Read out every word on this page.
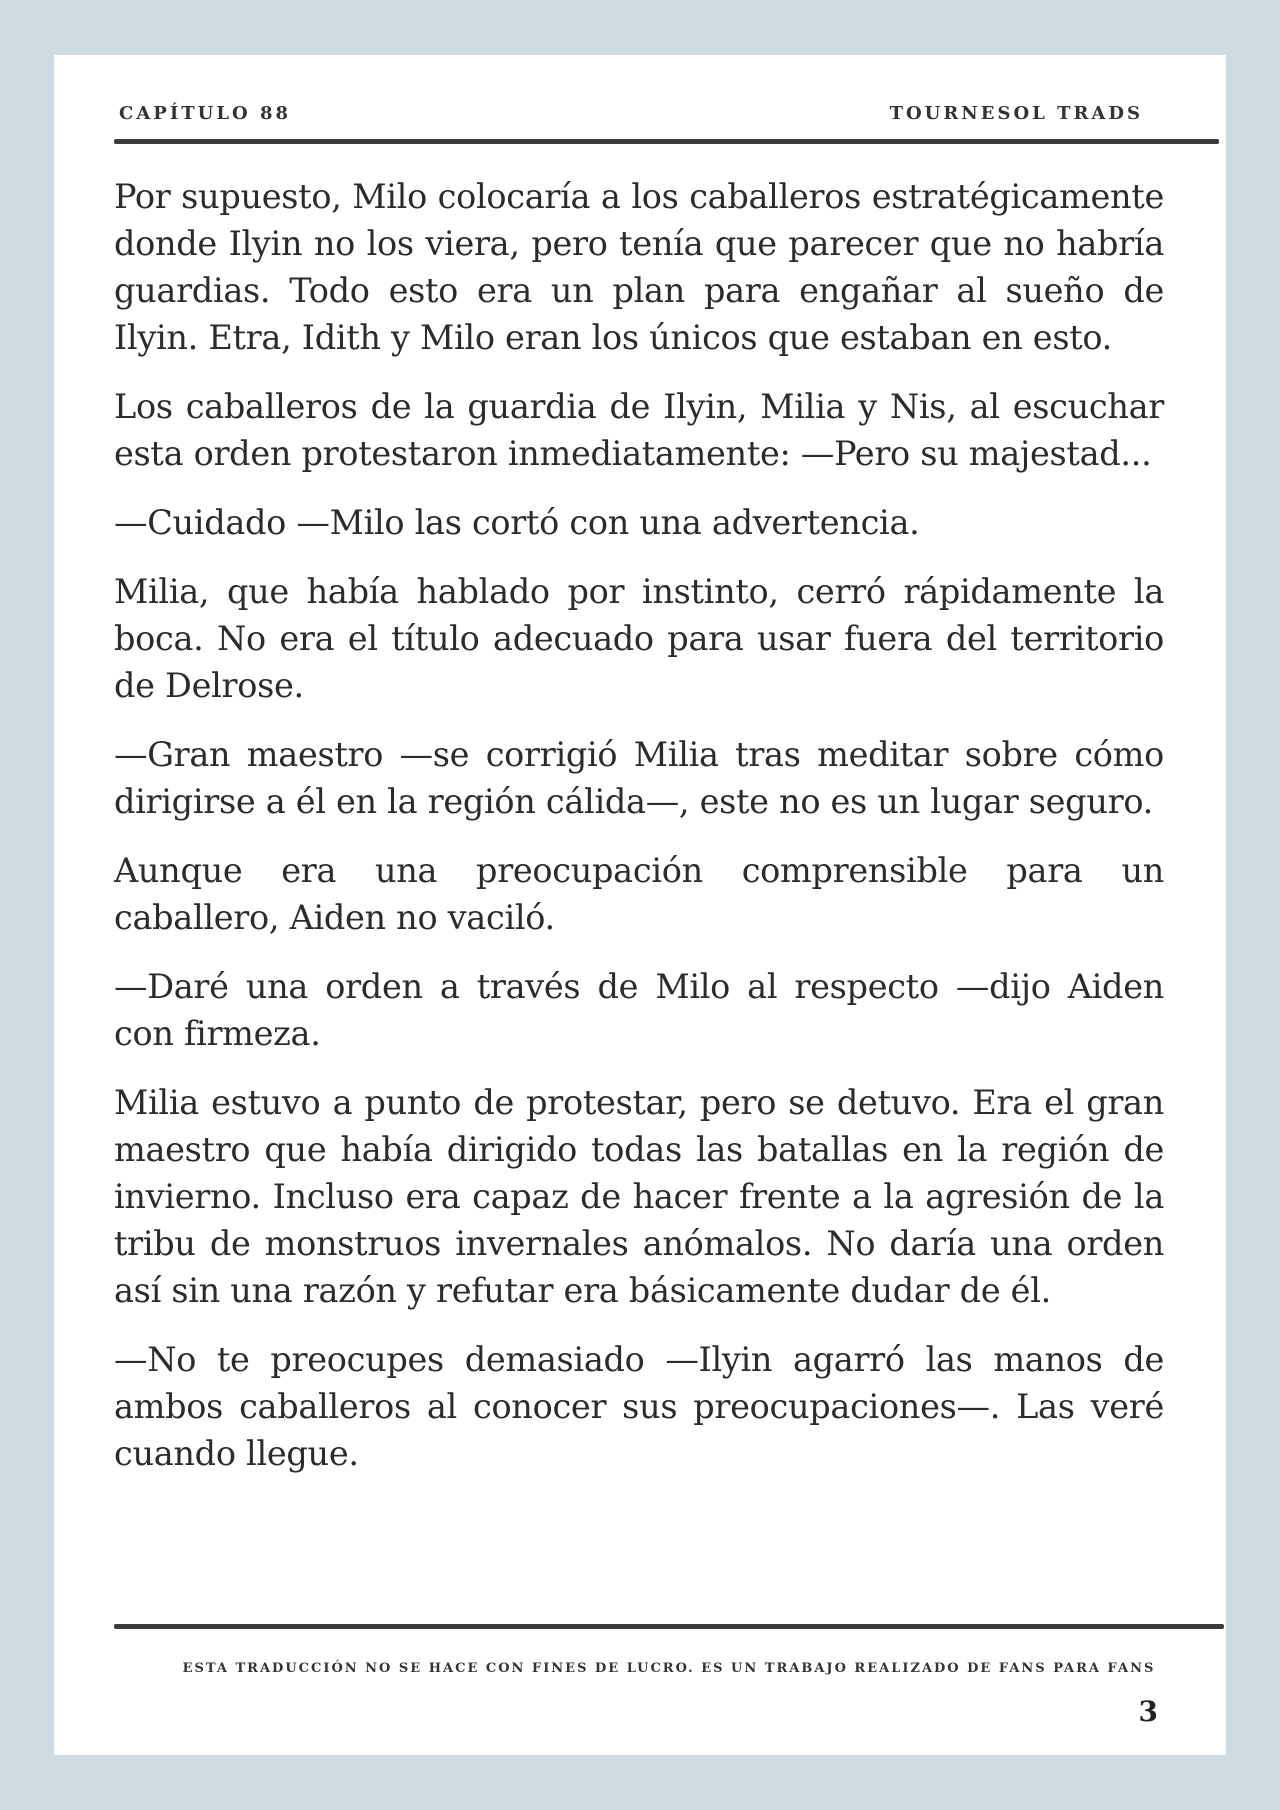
CAPÍTULO 88	TOURNESOL TRADS

Por supuesto, Milo colocaría a los caballeros estratégicamente donde Ilyin no los viera, pero tenía que parecer que no habría guardias. Todo esto era un plan para engañar al sueño de Ilyin. Etra, Idith y Milo eran los únicos que estaban en esto.

Los caballeros de la guardia de Ilyin, Milia y Nis, al escuchar esta orden protestaron inmediatamente: —Pero su majestad...

—Cuidado —Milo las cortó con una advertencia.

Milia, que había hablado por instinto, cerró rápidamente la boca. No era el título adecuado para usar fuera del territorio de Delrose.

—Gran maestro —se corrigió Milia tras meditar sobre cómo dirigirse a él en la región cálida—, este no es un lugar seguro.

Aunque era una preocupación comprensible para un caballero, Aiden no vaciló.

—Daré una orden a través de Milo al respecto —dijo Aiden con firmeza.

Milia estuvo a punto de protestar, pero se detuvo. Era el gran maestro que había dirigido todas las batallas en la región de invierno. Incluso era capaz de hacer frente a la agresión de la tribu de monstruos invernales anómalos. No daría una orden así sin una razón y refutar era básicamente dudar de él.

—No te preocupes demasiado —Ilyin agarró las manos de ambos caballeros al conocer sus preocupaciones—. Las veré cuando llegue.

ESTA TRADUCCIÓN NO SE HACE CON FINES DE LUCRO. ES UN TRABAJO REALIZADO DE FANS PARA FANS
3
